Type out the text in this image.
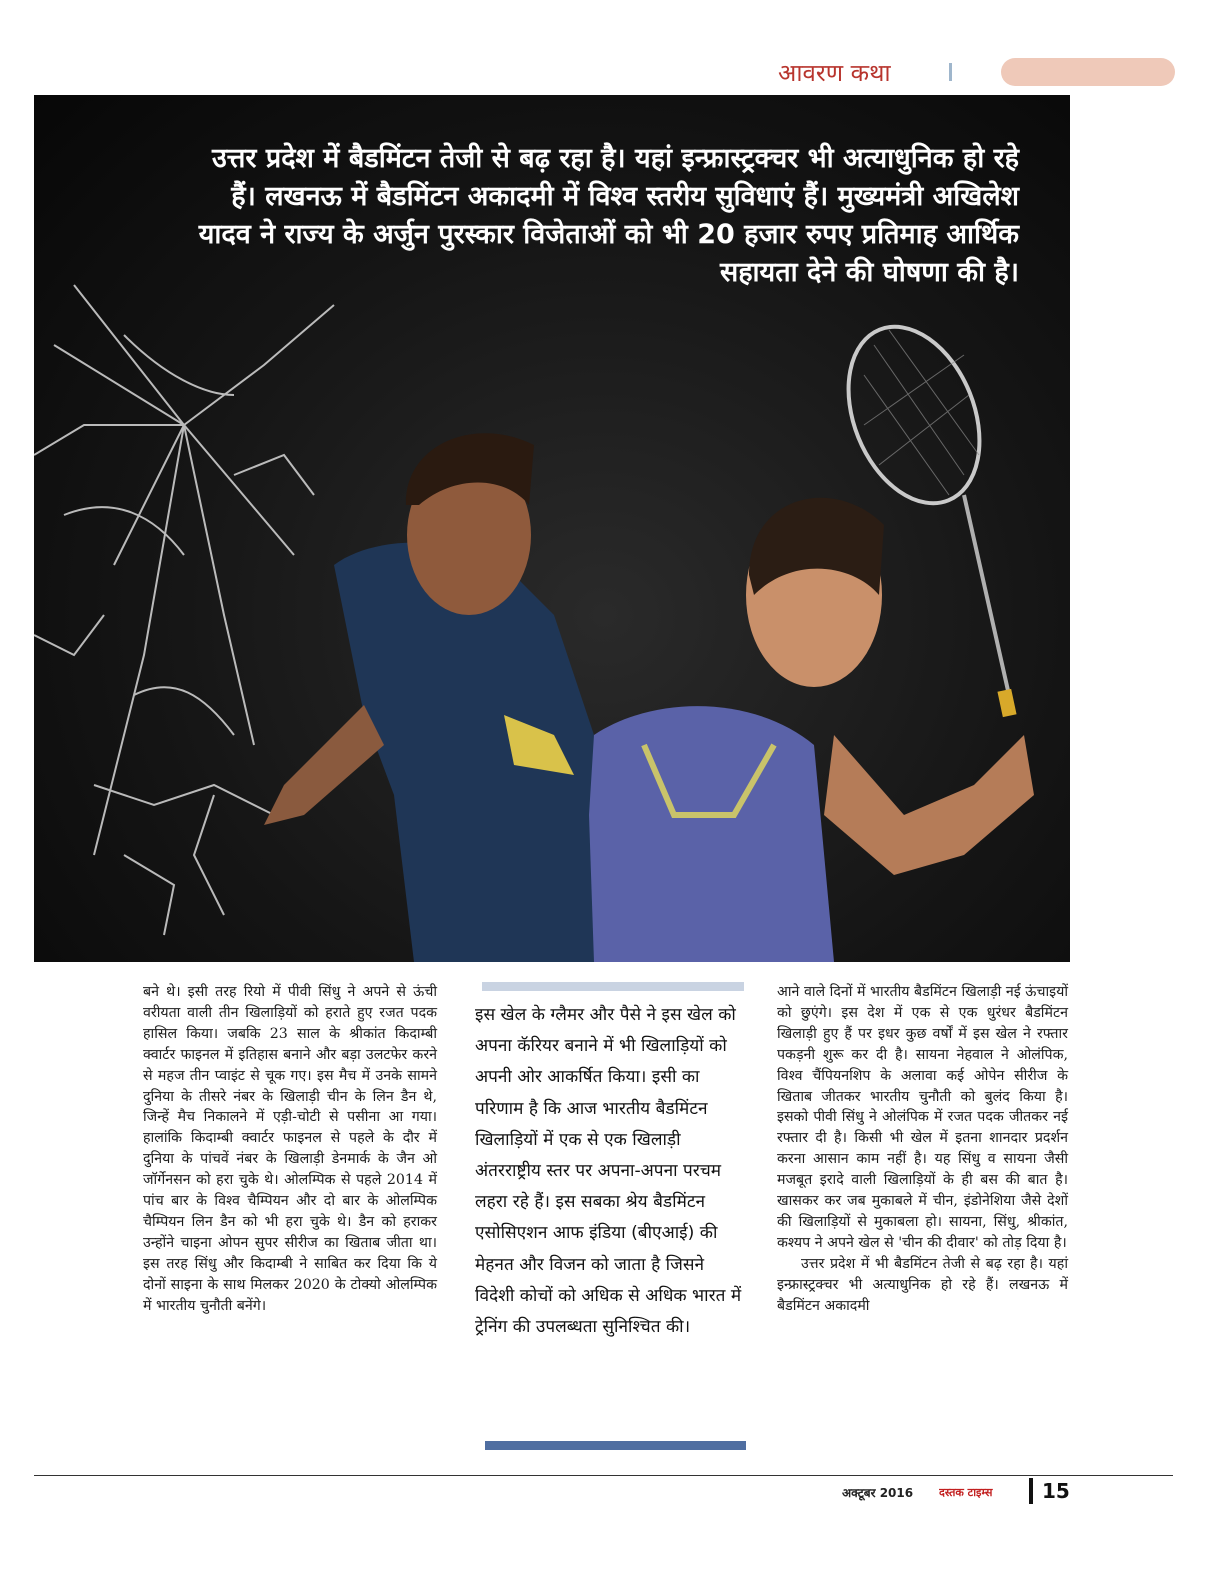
आवरण कथा
उत्तर प्रदेश में बैडमिंटन तेजी से बढ़ रहा है। यहां इन्फ्रास्ट्रक्चर भी अत्याधुनिक हो रहे हैं। लखनऊ में बैडमिंटन अकादमी में विश्व स्तरीय सुविधाएं हैं। मुख्यमंत्री अखिलेश यादव ने राज्य के अर्जुन पुरस्कार विजेताओं को भी 20 हजार रुपए प्रतिमाह आर्थिक सहायता देने की घोषणा की है।

बने थे। इसी तरह रियो में पीवी सिंधु ने अपने से ऊंची वरीयता वाली तीन खिलाड़ियों को हराते हुए रजत पदक हासिल किया। जबकि 23 साल के श्रीकांत किदाम्बी क्वार्टर फाइनल में इतिहास बनाने और बड़ा उलटफेर करने से महज तीन प्वाइंट से चूक गए। इस मैच में उनके सामने दुनिया के तीसरे नंबर के खिलाड़ी चीन के लिन डैन थे, जिन्हें मैच निकालने में एड़ी-चोटी से पसीना आ गया। हालांकि किदाम्बी क्वार्टर फाइनल से पहले के दौर में दुनिया के पांचवें नंबर के खिलाड़ी डेनमार्क के जैन ओ जॉर्गेनसन को हरा चुके थे। ओलम्पिक से पहले 2014 में पांच बार के विश्व चैम्पियन और दो बार के ओलम्पिक चैम्पियन लिन डैन को भी हरा चुके थे। डैन को हराकर उन्होंने चाइना ओपन सुपर सीरीज का खिताब जीता था। इस तरह सिंधु और किदाम्बी ने साबित कर दिया कि ये दोनों साइना के साथ मिलकर 2020 के टोक्यो ओलम्पिक में भारतीय चुनौती बनेंगे।

इस खेल के ग्लैमर और पैसे ने इस खेल को अपना कॅरियर बनाने में भी खिलाड़ियों को अपनी ओर आकर्षित किया। इसी का परिणाम है कि आज भारतीय बैडमिंटन खिलाड़ियों में एक से एक खिलाड़ी अंतरराष्ट्रीय स्तर पर अपना-अपना परचम लहरा रहे हैं। इस सबका श्रेय बैडमिंटन एसोसिएशन आफ इंडिया (बीएआई) की मेहनत और विजन को जाता है जिसने विदेशी कोचों को अधिक से अधिक भारत में ट्रेनिंग की उपलब्धता सुनिश्चित की।

आने वाले दिनों में भारतीय बैडमिंटन खिलाड़ी नई ऊंचाइयों को छुएंगे। इस देश में एक से एक धुरंधर बैडमिंटन खिलाड़ी हुए हैं पर इधर कुछ वर्षों में इस खेल ने रफ्तार पकड़नी शुरू कर दी है। सायना नेहवाल ने ओलंपिक, विश्व चैंपियनशिप के अलावा कई ओपेन सीरीज के खिताब जीतकर भारतीय चुनौती को बुलंद किया है। इसको पीवी सिंधु ने ओलंपिक में रजत पदक जीतकर नई रफ्तार दी है। किसी भी खेल में इतना शानदार प्रदर्शन करना आसान काम नहीं है। यह सिंधु व सायना जैसी मजबूत इरादे वाली खिलाड़ियों के ही बस की बात है। खासकर कर जब मुकाबले में चीन, इंडोनेशिया जैसे देशों की खिलाड़ियों से मुकाबला हो। सायना, सिंधु, श्रीकांत, कश्यप ने अपने खेल से 'चीन की दीवार' को तोड़ दिया है।

उत्तर प्रदेश में भी बैडमिंटन तेजी से बढ़ रहा है। यहां इन्फ्रास्ट्रक्चर भी अत्याधुनिक हो रहे हैं। लखनऊ में बैडमिंटन अकादमी

अक्टूबर 2016	दस्तक टाइम्स	15
